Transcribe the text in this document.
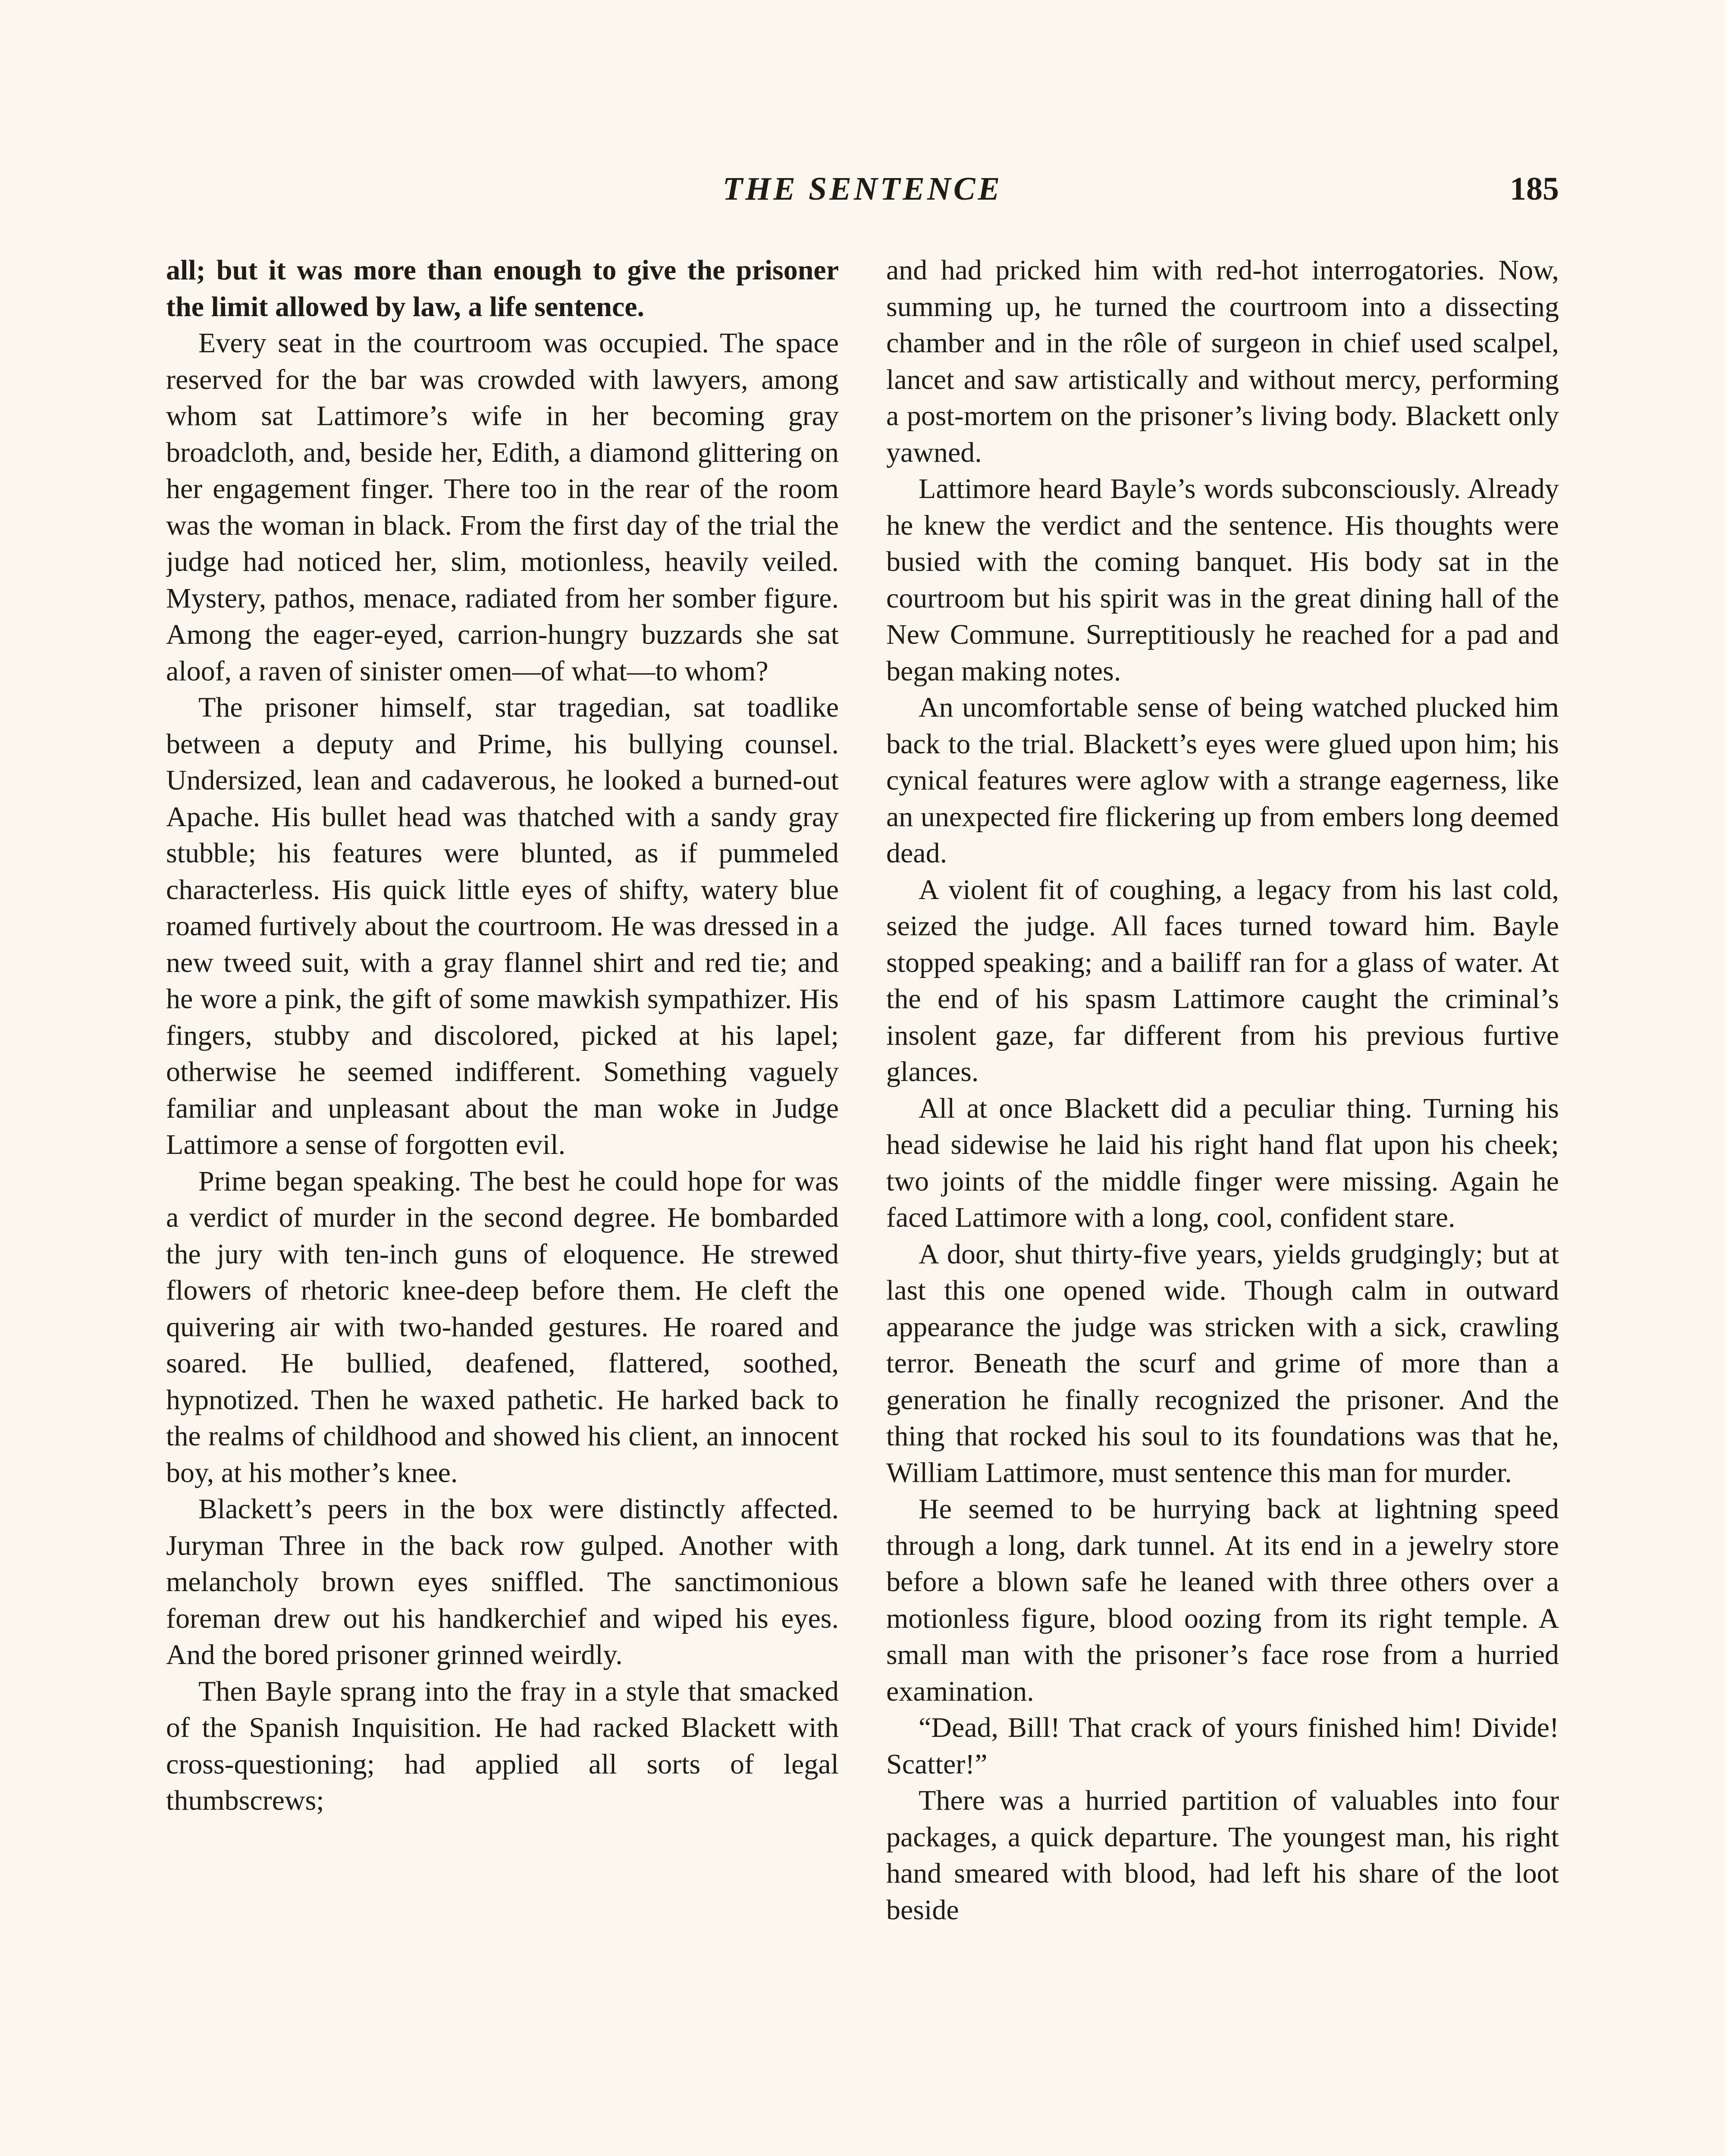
THE SENTENCE	185

all; but it was more than enough to give the prisoner the limit allowed by law, a life sentence.

Every seat in the courtroom was occupied. The space reserved for the bar was crowded with lawyers, among whom sat Lattimore’s wife in her becoming gray broadcloth, and, beside her, Edith, a diamond glittering on her engagement finger. There too in the rear of the room was the woman in black. From the first day of the trial the judge had noticed her, slim, motionless, heavily veiled. Mystery, pathos, menace, radiated from her somber figure. Among the eager-eyed, carrion-hungry buzzards she sat aloof, a raven of sinister omen—of what—to whom?

The prisoner himself, star tragedian, sat toadlike between a deputy and Prime, his bullying counsel. Undersized, lean and cadaverous, he looked a burned-out Apache. His bullet head was thatched with a sandy gray stubble; his features were blunted, as if pummeled characterless. His quick little eyes of shifty, watery blue roamed furtively about the courtroom. He was dressed in a new tweed suit, with a gray flannel shirt and red tie; and he wore a pink, the gift of some mawkish sympathizer. His fingers, stubby and discolored, picked at his lapel; otherwise he seemed indifferent. Something vaguely familiar and unpleasant about the man woke in Judge Lattimore a sense of forgotten evil.

Prime began speaking. The best he could hope for was a verdict of murder in the second degree. He bombarded the jury with ten-inch guns of eloquence. He strewed flowers of rhetoric knee-deep before them. He cleft the quivering air with two-handed gestures. He roared and soared. He bullied, deafened, flattered, soothed, hypnotized. Then he waxed pathetic. He harked back to the realms of childhood and showed his client, an innocent boy, at his mother’s knee.

Blackett’s peers in the box were distinctly affected. Juryman Three in the back row gulped. Another with melancholy brown eyes sniffled. The sanctimonious foreman drew out his handkerchief and wiped his eyes. And the bored prisoner grinned weirdly.

Then Bayle sprang into the fray in a style that smacked of the Spanish Inquisition. He had racked Blackett with cross-questioning; had applied all sorts of legal thumbscrews;

and had pricked him with red-hot interrogatories. Now, summing up, he turned the courtroom into a dissecting chamber and in the rôle of surgeon in chief used scalpel, lancet and saw artistically and without mercy, performing a post-mortem on the prisoner’s living body. Blackett only yawned.

Lattimore heard Bayle’s words subconsciously. Already he knew the verdict and the sentence. His thoughts were busied with the coming banquet. His body sat in the courtroom but his spirit was in the great dining hall of the New Commune. Surreptitiously he reached for a pad and began making notes.

An uncomfortable sense of being watched plucked him back to the trial. Blackett’s eyes were glued upon him; his cynical features were aglow with a strange eagerness, like an unexpected fire flickering up from embers long deemed dead.

A violent fit of coughing, a legacy from his last cold, seized the judge. All faces turned toward him. Bayle stopped speaking; and a bailiff ran for a glass of water. At the end of his spasm Lattimore caught the criminal’s insolent gaze, far different from his previous furtive glances.

All at once Blackett did a peculiar thing. Turning his head sidewise he laid his right hand flat upon his cheek; two joints of the middle finger were missing. Again he faced Lattimore with a long, cool, confident stare.

A door, shut thirty-five years, yields grudgingly; but at last this one opened wide. Though calm in outward appearance the judge was stricken with a sick, crawling terror. Beneath the scurf and grime of more than a generation he finally recognized the prisoner. And the thing that rocked his soul to its foundations was that he, William Lattimore, must sentence this man for murder.

He seemed to be hurrying back at lightning speed through a long, dark tunnel. At its end in a jewelry store before a blown safe he leaned with three others over a motionless figure, blood oozing from its right temple. A small man with the prisoner’s face rose from a hurried examination.

“Dead, Bill! That crack of yours finished him! Divide! Scatter!”

There was a hurried partition of valuables into four packages, a quick departure. The youngest man, his right hand smeared with blood, had left his share of the loot beside
